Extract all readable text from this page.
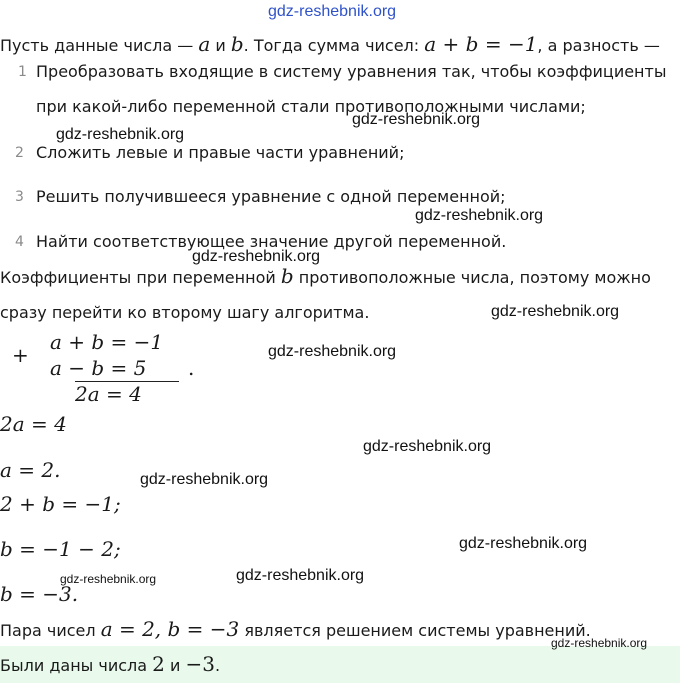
gdz-reshebnik.org
Пусть данные числа — a и b. Тогда сумма чисел: a + b = −1, а разность —
1 Преобразовать входящие в систему уравнения так, чтобы коэффициенты
при какой-либо переменной стали противоположными числами;
2 Сложить левые и правые части уравнений;
3 Решить получившееся уравнение с одной переменной;
4 Найти соответствующее значение другой переменной.
Коэффициенты при переменной b противоположные числа, поэтому можно
сразу перейти ко второму шагу алгоритма.
+
a + b = −1
a − b = 5
2a = 4
.
2a = 4
a = 2.
2 + b = −1;
b = −1 − 2;
b = −3.
Пара чисел a = 2, b = −3 является решением системы уравнений.
Были даны числа 2 и −3.
gdz-reshebnik.org
gdz-reshebnik.org
gdz-reshebnik.org
gdz-reshebnik.org
gdz-reshebnik.org
gdz-reshebnik.org
gdz-reshebnik.org
gdz-reshebnik.org
gdz-reshebnik.org
gdz-reshebnik.org
gdz-reshebnik.org
gdz-reshebnik.org
